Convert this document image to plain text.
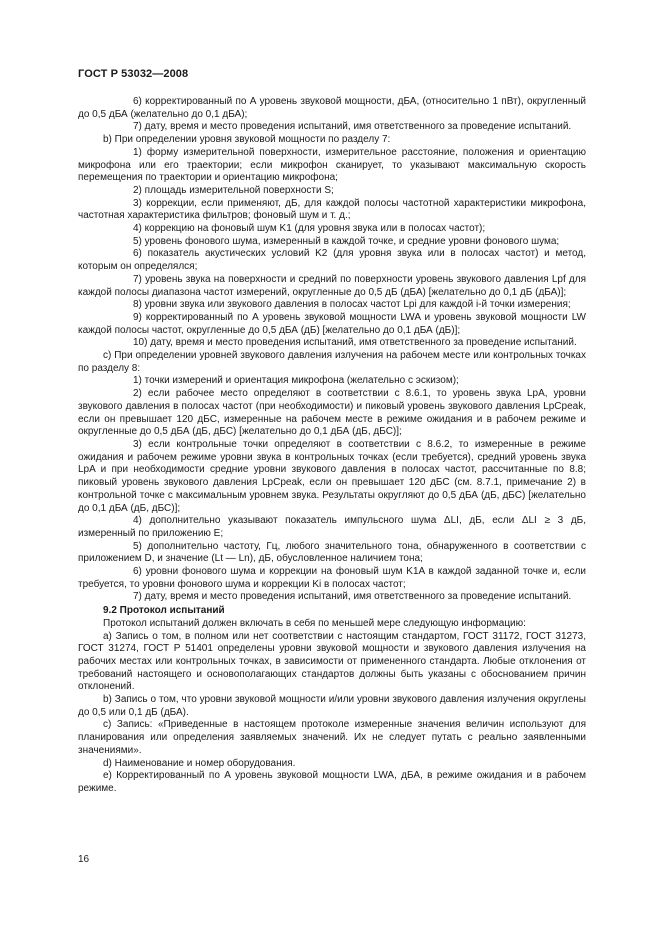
ГОСТ Р 53032—2008

6) корректированный по А уровень звуковой мощности, дБА, (относительно 1 пВт), округленный до 0,5 дБА (желательно до 0,1 дБА);

7) дату, время и место проведения испытаний, имя ответственного за проведение испытаний.

b) При определении уровня звуковой мощности по разделу 7:

1) форму измерительной поверхности, измерительное расстояние, положения и ориентацию микрофона или его траектории; если микрофон сканирует, то указывают максимальную скорость перемещения по траектории и ориентацию микрофона;

2) площадь измерительной поверхности S;

3) коррекции, если применяют, дБ, для каждой полосы частотной характеристики микрофона, частотная характеристика фильтров; фоновый шум и т. д.;

4) коррекцию на фоновый шум K1 (для уровня звука или в полосах частот);

5) уровень фонового шума, измеренный в каждой точке, и средние уровни фонового шума;

6) показатель акустических условий K2 (для уровня звука или в полосах частот) и метод, которым он определялся;

7) уровень звука на поверхности и средний по поверхности уровень звукового давления Lpf для каждой полосы диапазона частот измерений, округленные до 0,5 дБ (дБА) [желательно до 0,1 дБ (дБА)];

8) уровни звука или звукового давления в полосах частот Lpi для каждой i-й точки измерения;

9) корректированный по А уровень звуковой мощности LWA и уровень звуковой мощности LW каждой полосы частот, округленные до 0,5 дБА (дБ) [желательно до 0,1 дБА (дБ)];

10) дату, время и место проведения испытаний, имя ответственного за проведение испытаний.

c) При определении уровней звукового давления излучения на рабочем месте или контрольных точках по разделу 8:

1) точки измерений и ориентация микрофона (желательно с эскизом);

2) если рабочее место определяют в соответствии с 8.6.1, то уровень звука LpA, уровни звукового давления в полосах частот (при необходимости) и пиковый уровень звукового давления LpCpeak, если он превышает 120 дБС, измеренные на рабочем месте в режиме ожидания и в рабочем режиме и округленные до 0,5 дБА (дБ, дБС) [желательно до 0,1 дБА (дБ, дБС)];

3) если контрольные точки определяют в соответствии с 8.6.2, то измеренные в режиме ожидания и рабочем режиме уровни звука в контрольных точках (если требуется), средний уровень звука LpA и при необходимости средние уровни звукового давления в полосах частот, рассчитанные по 8.8; пиковый уровень звукового давления LpCpeak, если он превышает 120 дБС (см. 8.7.1, примечание 2) в контрольной точке с максимальным уровнем звука. Результаты округляют до 0,5 дБА (дБ, дБС) [желательно до 0,1 дБА (дБ, дБС)];

4) дополнительно указывают показатель импульсного шума ΔLI, дБ, если ΔLI ≥ 3 дБ, измеренный по приложению Е;

5) дополнительно частоту, Гц, любого значительного тона, обнаруженного в соответствии с приложением D, и значение (Lt — Ln), дБ, обусловленное наличием тона;

6) уровни фонового шума и коррекции на фоновый шум K1A в каждой заданной точке и, если требуется, то уровни фонового шума и коррекции Ki в полосах частот;

7) дату, время и место проведения испытаний, имя ответственного за проведение испытаний.

9.2 Протокол испытаний

Протокол испытаний должен включать в себя по меньшей мере следующую информацию:

a) Запись о том, в полном или нет соответствии с настоящим стандартом, ГОСТ 31172, ГОСТ 31273, ГОСТ 31274, ГОСТ Р 51401 определены уровни звуковой мощности и звукового давления излучения на рабочих местах или контрольных точках, в зависимости от примененного стандарта. Любые отклонения от требований настоящего и основополагающих стандартов должны быть указаны с обоснованием причин отклонений.

b) Запись о том, что уровни звуковой мощности и/или уровни звукового давления излучения округлены до 0,5 или 0,1 дБ (дБА).

c) Запись: «Приведенные в настоящем протоколе измеренные значения величин используют для планирования или определения заявляемых значений. Их не следует путать с реально заявленными значениями».

d) Наименование и номер оборудования.

e) Корректированный по А уровень звуковой мощности LWA, дБА, в режиме ожидания и в рабочем режиме.

16
